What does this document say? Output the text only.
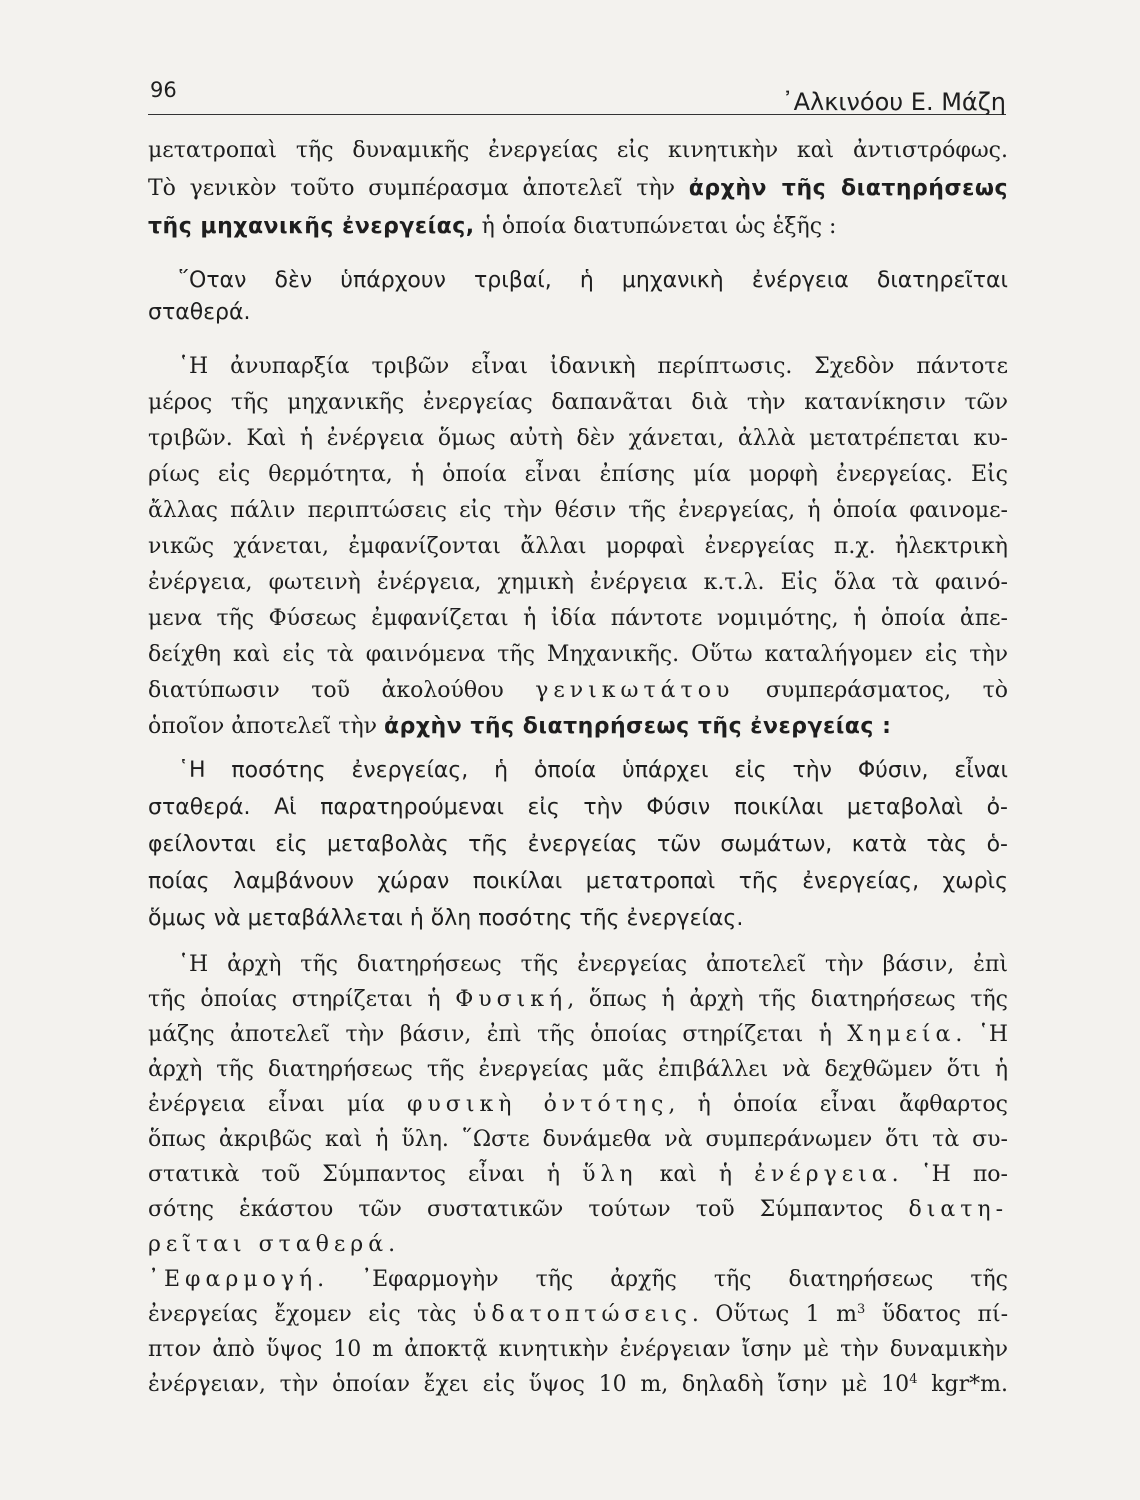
96	᾿Αλκινόου Ε. Μάζη
μετατροπαὶ τῆς δυναμικῆς ἐνεργείας εἰς κινητικὴν καὶ ἀντιστρόφως.
Τὸ γενικὸν τοῦτο συμπέρασμα ἀποτελεῖ τὴν ἀρχὴν τῆς διατηρήσεως
τῆς μηχανικῆς ἐνεργείας, ἡ ὁποία διατυπώνεται ὡς ἑξῆς :
῞Οταν δὲν ὑπάρχουν τριβαί, ἡ μηχανικὴ ἐνέργεια διατηρεῖται
σταθερά.
῾Η ἀνυπαρξία τριβῶν εἶναι ἰδανικὴ περίπτωσις. Σχεδὸν πάντοτε
μέρος τῆς μηχανικῆς ἐνεργείας δαπανᾶται διὰ τὴν κατανίκησιν τῶν
τριβῶν. Καὶ ἡ ἐνέργεια ὅμως αὐτὴ δὲν χάνεται, ἀλλὰ μετατρέπεται κυ-
ρίως εἰς θερμότητα, ἡ ὁποία εἶναι ἐπίσης μία μορφὴ ἐνεργείας. Εἰς
ἄλλας πάλιν περιπτώσεις εἰς τὴν θέσιν τῆς ἐνεργείας, ἡ ὁποία φαινομε-
νικῶς χάνεται, ἐμφανίζονται ἄλλαι μορφαὶ ἐνεργείας π.χ. ἠλεκτρικὴ
ἐνέργεια, φωτεινὴ ἐνέργεια, χημικὴ ἐνέργεια κ.τ.λ. Εἰς ὅλα τὰ φαινό-
μενα τῆς Φύσεως ἐμφανίζεται ἡ ἰδία πάντοτε νομιμότης, ἡ ὁποία ἀπε-
δείχθη καὶ εἰς τὰ φαινόμενα τῆς Μηχανικῆς. Οὕτω καταλήγομεν εἰς τὴν
διατύπωσιν τοῦ ἀκολούθου γενικωτάτου συμπεράσματος, τὸ
ὁποῖον ἀποτελεῖ τὴν ἀρχὴν τῆς διατηρήσεως τῆς ἐνεργείας :
῾Η ποσότης ἐνεργείας, ἡ ὁποία ὑπάρχει εἰς τὴν Φύσιν, εἶναι
σταθερά. Αἱ παρατηρούμεναι εἰς τὴν Φύσιν ποικίλαι μεταβολαὶ ὀ-
φείλονται εἰς μεταβολὰς τῆς ἐνεργείας τῶν σωμάτων, κατὰ τὰς ὁ-
ποίας λαμβάνουν χώραν ποικίλαι μετατροπαὶ τῆς ἐνεργείας, χωρὶς
ὅμως νὰ μεταβάλλεται ἡ ὅλη ποσότης τῆς ἐνεργείας.
῾Η ἀρχὴ τῆς διατηρήσεως τῆς ἐνεργείας ἀποτελεῖ τὴν βάσιν, ἐπὶ
τῆς ὁποίας στηρίζεται ἡ Φυσική, ὅπως ἡ ἀρχὴ τῆς διατηρήσεως τῆς
μάζης ἀποτελεῖ τὴν βάσιν, ἐπὶ τῆς ὁποίας στηρίζεται ἡ Χημεία. ῾Η
ἀρχὴ τῆς διατηρήσεως τῆς ἐνεργείας μᾶς ἐπιβάλλει νὰ δεχθῶμεν ὅτι ἡ
ἐνέργεια εἶναι μία φυσικὴ ὀντότης, ἡ ὁποία εἶναι ἄφθαρτος
ὅπως ἀκριβῶς καὶ ἡ ὕλη. ῞Ωστε δυνάμεθα νὰ συμπεράνωμεν ὅτι τὰ συ-
στατικὰ τοῦ Σύμπαντος εἶναι ἡ ὕλη καὶ ἡ ἐνέργεια. ῾Η πο-
σότης ἑκάστου τῶν συστατικῶν τούτων τοῦ Σύμπαντος διατη-
ρεῖται σταθερά.
᾿Εφαρμογή. ᾿Εφαρμογὴν τῆς ἀρχῆς τῆς διατηρήσεως τῆς
ἐνεργείας ἔχομεν εἰς τὰς ὑδατοπτώσεις. Οὕτως 1 $m^3$ ὕδατος πί-
πτον ἀπὸ ὕψος 10 m ἀποκτᾷ κινητικὴν ἐνέργειαν ἴσην μὲ τὴν δυναμικὴν
ἐνέργειαν, τὴν ὁποίαν ἔχει εἰς ὕψος 10 m, δηλαδὴ ἴσην μὲ $10^4$ kgr*m.
